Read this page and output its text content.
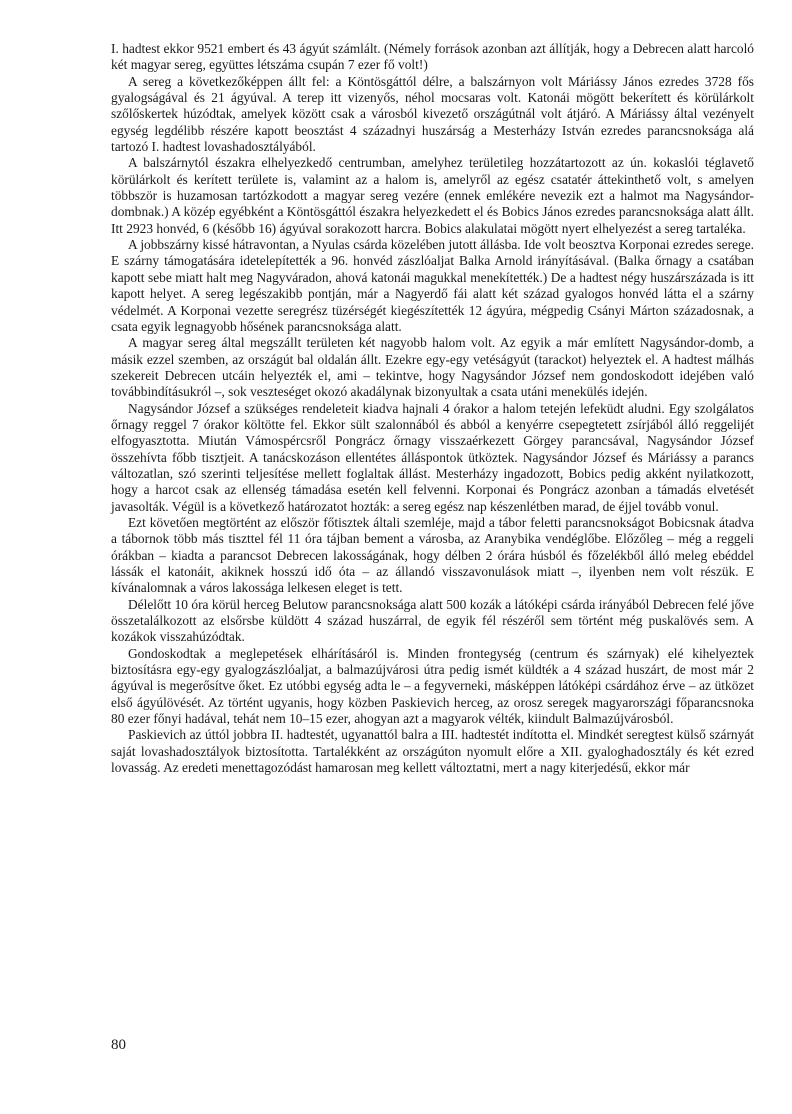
I. hadtest ekkor 9521 embert és 43 ágyút számlált. (Némely források azonban azt állítják, hogy a Debrecen alatt harcoló két magyar sereg, együttes létszáma csupán 7 ezer fő volt!)

A sereg a következőképpen állt fel: a Köntösgáttól délre, a balszárnyon volt Máriássy János ezredes 3728 fős gyalogságával és 21 ágyúval. A terep itt vizenyős, néhol mocsaras volt. Katonái mögött bekerített és körülárkolt szőlőskertek húzódtak, amelyek között csak a városból kivezető országútnál volt átjáró. A Máriássy által vezényelt egység legdélibb részére kapott beosztást 4 századnyi huszárság a Mesterházy István ezredes parancsnoksága alá tartozó I. hadtest lovashadosztályából.

A balszárnytól északra elhelyezkedő centrumban, amelyhez területileg hozzátartozott az ún. kokaslói téglavető körülárkolt és kerített területe is, valamint az a halom is, amelyről az egész csatatér áttekinthető volt, s amelyen többször is huzamosan tartózkodott a magyar sereg vezére (ennek emlékére nevezik ezt a halmot ma Nagysándor-dombnak.) A közép egyébként a Köntösgáttól északra helyezkedett el és Bobics János ezredes parancsnoksága alatt állt. Itt 2923 honvéd, 6 (később 16) ágyúval sorakozott harcra. Bobics alakulatai mögött nyert elhelyezést a sereg tartaléka.

A jobbszárny kissé hátravontan, a Nyulas csárda közelében jutott állásba. Ide volt beosztva Korponai ezredes serege. E szárny támogatására idetelepítették a 96. honvéd zászlóaljat Balka Arnold irányításával. (Balka őrnagy a csatában kapott sebe miatt halt meg Nagyváradon, ahová katonái magukkal menekítették.) De a hadtest négy huszárszázada is itt kapott helyet. A sereg legészakibb pontján, már a Nagyerdő fái alatt két század gyalogos honvéd látta el a szárny védelmét. A Korponai vezette seregrész tüzérségét kiegészítették 12 ágyúra, mégpedig Csányi Márton századosnak, a csata egyik legnagyobb hősének parancsnoksága alatt.

A magyar sereg által megszállt területen két nagyobb halom volt. Az egyik a már említett Nagysándor-domb, a másik ezzel szemben, az országút bal oldalán állt. Ezekre egy-egy vetéságyút (tarackot) helyeztek el. A hadtest málhás szekereit Debrecen utcáin helyezték el, ami – tekintve, hogy Nagysándor József nem gondoskodott idejében való továbbindításukról –, sok veszteséget okozó akadálynak bizonyultak a csata utáni menekülés idején.

Nagysándor József a szükséges rendeleteit kiadva hajnali 4 órakor a halom tetején lefeküdt aludni. Egy szolgálatos őrnagy reggel 7 órakor költötte fel. Ekkor sült szalonnából és abból a kenyérre csepegtetett zsírjából álló reggelijét elfogyasztotta. Miután Vámospércsről Pongrácz őrnagy visszaérkezett Görgey parancsával, Nagysándor József összehívta főbb tisztjeit. A tanácskozáson ellentétes álláspontok ütköztek. Nagysándor József és Máriássy a parancs változatlan, szó szerinti teljesítése mellett foglaltak állást. Mesterházy ingadozott, Bobics pedig akként nyilatkozott, hogy a harcot csak az ellenség támadása esetén kell felvenni. Korponai és Pongrácz azonban a támadás elvetését javasolták. Végül is a következő határozatot hozták: a sereg egész nap készenlétben marad, de éjjel tovább vonul.

Ezt követően megtörtént az először főtisztek általi szemléje, majd a tábor feletti parancsnokságot Bobicsnak átadva a tábornok több más tiszttel fél 11 óra tájban bement a városba, az Aranybika vendéglőbe. Előzőleg – még a reggeli órákban – kiadta a parancsot Debrecen lakosságának, hogy délben 2 órára húsból és főzelékből álló meleg ebéddel lássák el katonáit, akiknek hosszú idő óta – az állandó visszavonulások miatt –, ilyenben nem volt részük. E kívánalomnak a város lakossága lelkesen eleget is tett.

Délelőtt 10 óra körül herceg Belutow parancsnoksága alatt 500 kozák a látóképi csárda irányából Debrecen felé jőve összetalálkozott az elsőrsbe küldött 4 század huszárral, de egyik fél részéről sem történt még puskalövés sem. A kozákok visszahúzódtak.

Gondoskodtak a meglepetések elhárításáról is. Minden frontegység (centrum és szárnyak) elé kihelyeztek biztosításra egy-egy gyalogzászlóaljat, a balmazújvárosi útra pedig ismét küldték a 4 század huszárt, de most már 2 ágyúval is megerősítve őket. Ez utóbbi egység adta le – a fegyverneki, másképpen látóképi csárdához érve – az ütközet első ágyúlövését. Az történt ugyanis, hogy közben Paskievich herceg, az orosz seregek magyarországi főparancsnoka 80 ezer főnyi hadával, tehát nem 10–15 ezer, ahogyan azt a magyarok vélték, kiindult Balmazújvárosból.

Paskievich az úttól jobbra II. hadtestét, ugyanattól balra a III. hadtestét indította el. Mindkét seregtest külső szárnyát saját lovashadosztályok biztosította. Tartalékként az országúton nyomult előre a XII. gyaloghadosztály és két ezred lovasság. Az eredeti menettagozódást hamarosan meg kellett változtatni, mert a nagy kiterjedésű, ekkor már

80
